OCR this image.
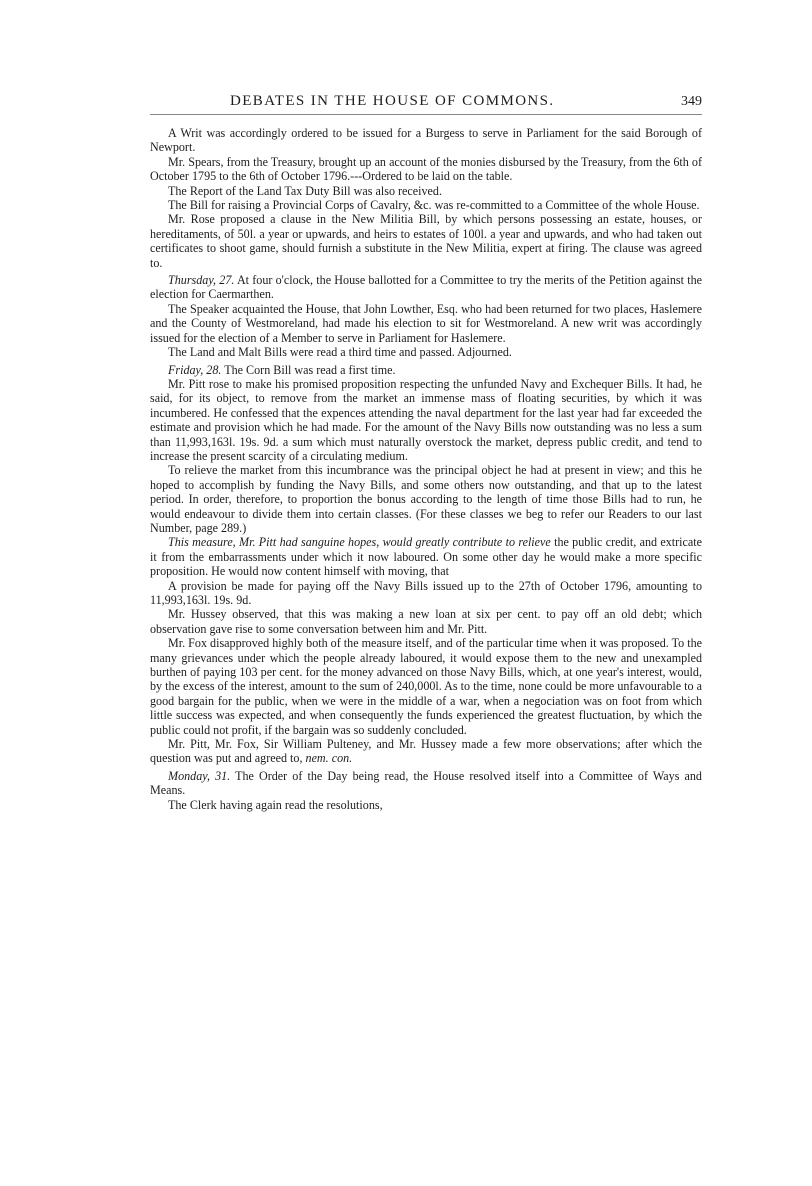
DEBATES IN THE HOUSE OF COMMONS.	349

A Writ was accordingly ordered to be issued for a Burgess to serve in Parliament for the said Borough of Newport.

Mr. Spears, from the Treasury, brought up an account of the monies disbursed by the Treasury, from the 6th of October 1795 to the 6th of October 1796.---Ordered to be laid on the table.

The Report of the Land Tax Duty Bill was also received.

The Bill for raising a Provincial Corps of Cavalry, &c. was re-committed to a Committee of the whole House.

Mr. Rose proposed a clause in the New Militia Bill, by which persons possessing an estate, houses, or hereditaments, of 50l. a year or upwards, and heirs to estates of 100l. a year and upwards, and who had taken out certificates to shoot game, should furnish a substitute in the New Militia, expert at firing. The clause was agreed to.

Thursday, 27. At four o'clock, the House ballotted for a Committee to try the merits of the Petition against the election for Caermarthen.

The Speaker acquainted the House, that John Lowther, Esq. who had been returned for two places, Haslemere and the County of Westmoreland, had made his election to sit for Westmoreland. A new writ was accordingly issued for the election of a Member to serve in Parliament for Haslemere.

The Land and Malt Bills were read a third time and passed. Adjourned.

Friday, 28. The Corn Bill was read a first time.

Mr. Pitt rose to make his promised proposition respecting the unfunded Navy and Exchequer Bills. It had, he said, for its object, to remove from the market an immense mass of floating securities, by which it was incumbered. He confessed that the expences attending the naval department for the last year had far exceeded the estimate and provision which he had made. For the amount of the Navy Bills now outstanding was no less a sum than 11,993,163l. 19s. 9d. a sum which must naturally overstock the market, depress public credit, and tend to increase the present scarcity of a circulating medium.

To relieve the market from this incumbrance was the principal object he had at present in view; and this he hoped to accomplish by funding the Navy Bills, and some others now outstanding, and that up to the latest period. In order, therefore, to proportion the bonus according to the length of time those Bills had to run, he would endeavour to divide them into certain classes. (For these classes we beg to refer our Readers to our last Number, page 289.)

This measure, Mr. Pitt had sanguine hopes, would greatly contribute to relieve the public credit, and extricate it from the embarrassments under which it now laboured. On some other day he would make a more specific proposition. He would now content himself with moving, that

A provision be made for paying off the Navy Bills issued up to the 27th of October 1796, amounting to 11,993,163l. 19s. 9d.

Mr. Hussey observed, that this was making a new loan at six per cent. to pay off an old debt; which observation gave rise to some conversation between him and Mr. Pitt.

Mr. Fox disapproved highly both of the measure itself, and of the particular time when it was proposed. To the many grievances under which the people already laboured, it would expose them to the new and unexampled burthen of paying 103 per cent. for the money advanced on those Navy Bills, which, at one year's interest, would, by the excess of the interest, amount to the sum of 240,000l. As to the time, none could be more unfavourable to a good bargain for the public, when we were in the middle of a war, when a negociation was on foot from which little success was expected, and when consequently the funds experienced the greatest fluctuation, by which the public could not profit, if the bargain was so suddenly concluded.

Mr. Pitt, Mr. Fox, Sir William Pulteney, and Mr. Hussey made a few more observations; after which the question was put and agreed to, nem. con.

Monday, 31. The Order of the Day being read, the House resolved itself into a Committee of Ways and Means.

The Clerk having again read the resolutions,
